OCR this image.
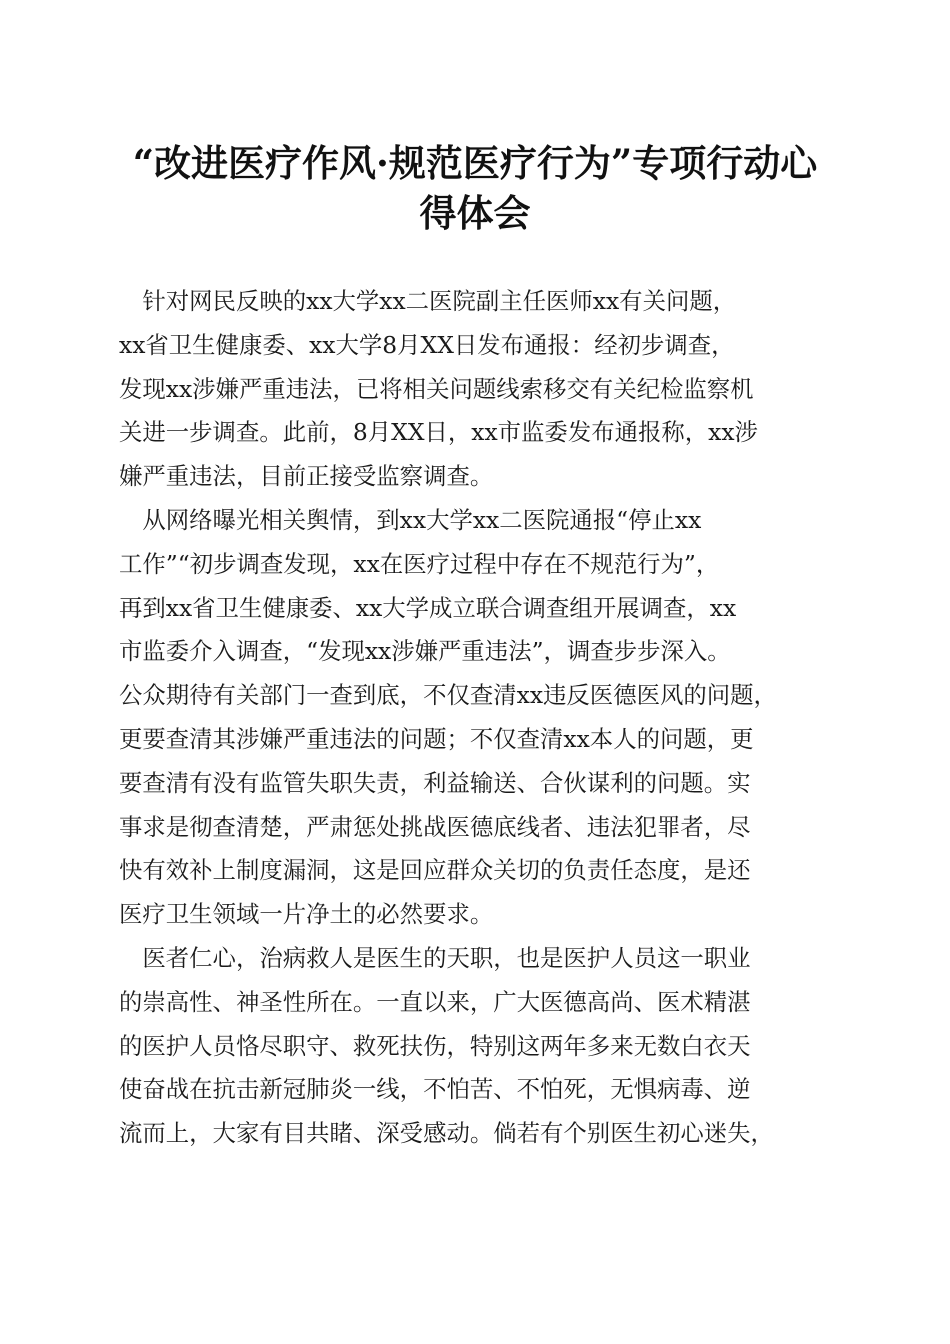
“改进医疗作风·规范医疗行为”专项行动心
得体会
　针对网民反映的xx大学xx二医院副主任医师xx有关问题，
xx省卫生健康委、xx大学8月XX日发布通报：经初步调查，
发现xx涉嫌严重违法，已将相关问题线索移交有关纪检监察机
关进一步调查。此前，8月XX日，xx市监委发布通报称，xx涉
嫌严重违法，目前正接受监察调查。
　从网络曝光相关舆情，到xx大学xx二医院通报“停止xx
工作”“初步调查发现，xx在医疗过程中存在不规范行为”，
再到xx省卫生健康委、xx大学成立联合调查组开展调查，xx
市监委介入调查，“发现xx涉嫌严重违法”，调查步步深入。
公众期待有关部门一查到底，不仅查清xx违反医德医风的问题，
更要查清其涉嫌严重违法的问题；不仅查清xx本人的问题，更
要查清有没有监管失职失责，利益输送、合伙谋利的问题。实
事求是彻查清楚，严肃惩处挑战医德底线者、违法犯罪者，尽
快有效补上制度漏洞，这是回应群众关切的负责任态度，是还
医疗卫生领域一片净土的必然要求。
　医者仁心，治病救人是医生的天职，也是医护人员这一职业
的崇高性、神圣性所在。一直以来，广大医德高尚、医术精湛
的医护人员恪尽职守、救死扶伤，特别这两年多来无数白衣天
使奋战在抗击新冠肺炎一线，不怕苦、不怕死，无惧病毒、逆
流而上，大家有目共睹、深受感动。倘若有个别医生初心迷失，
